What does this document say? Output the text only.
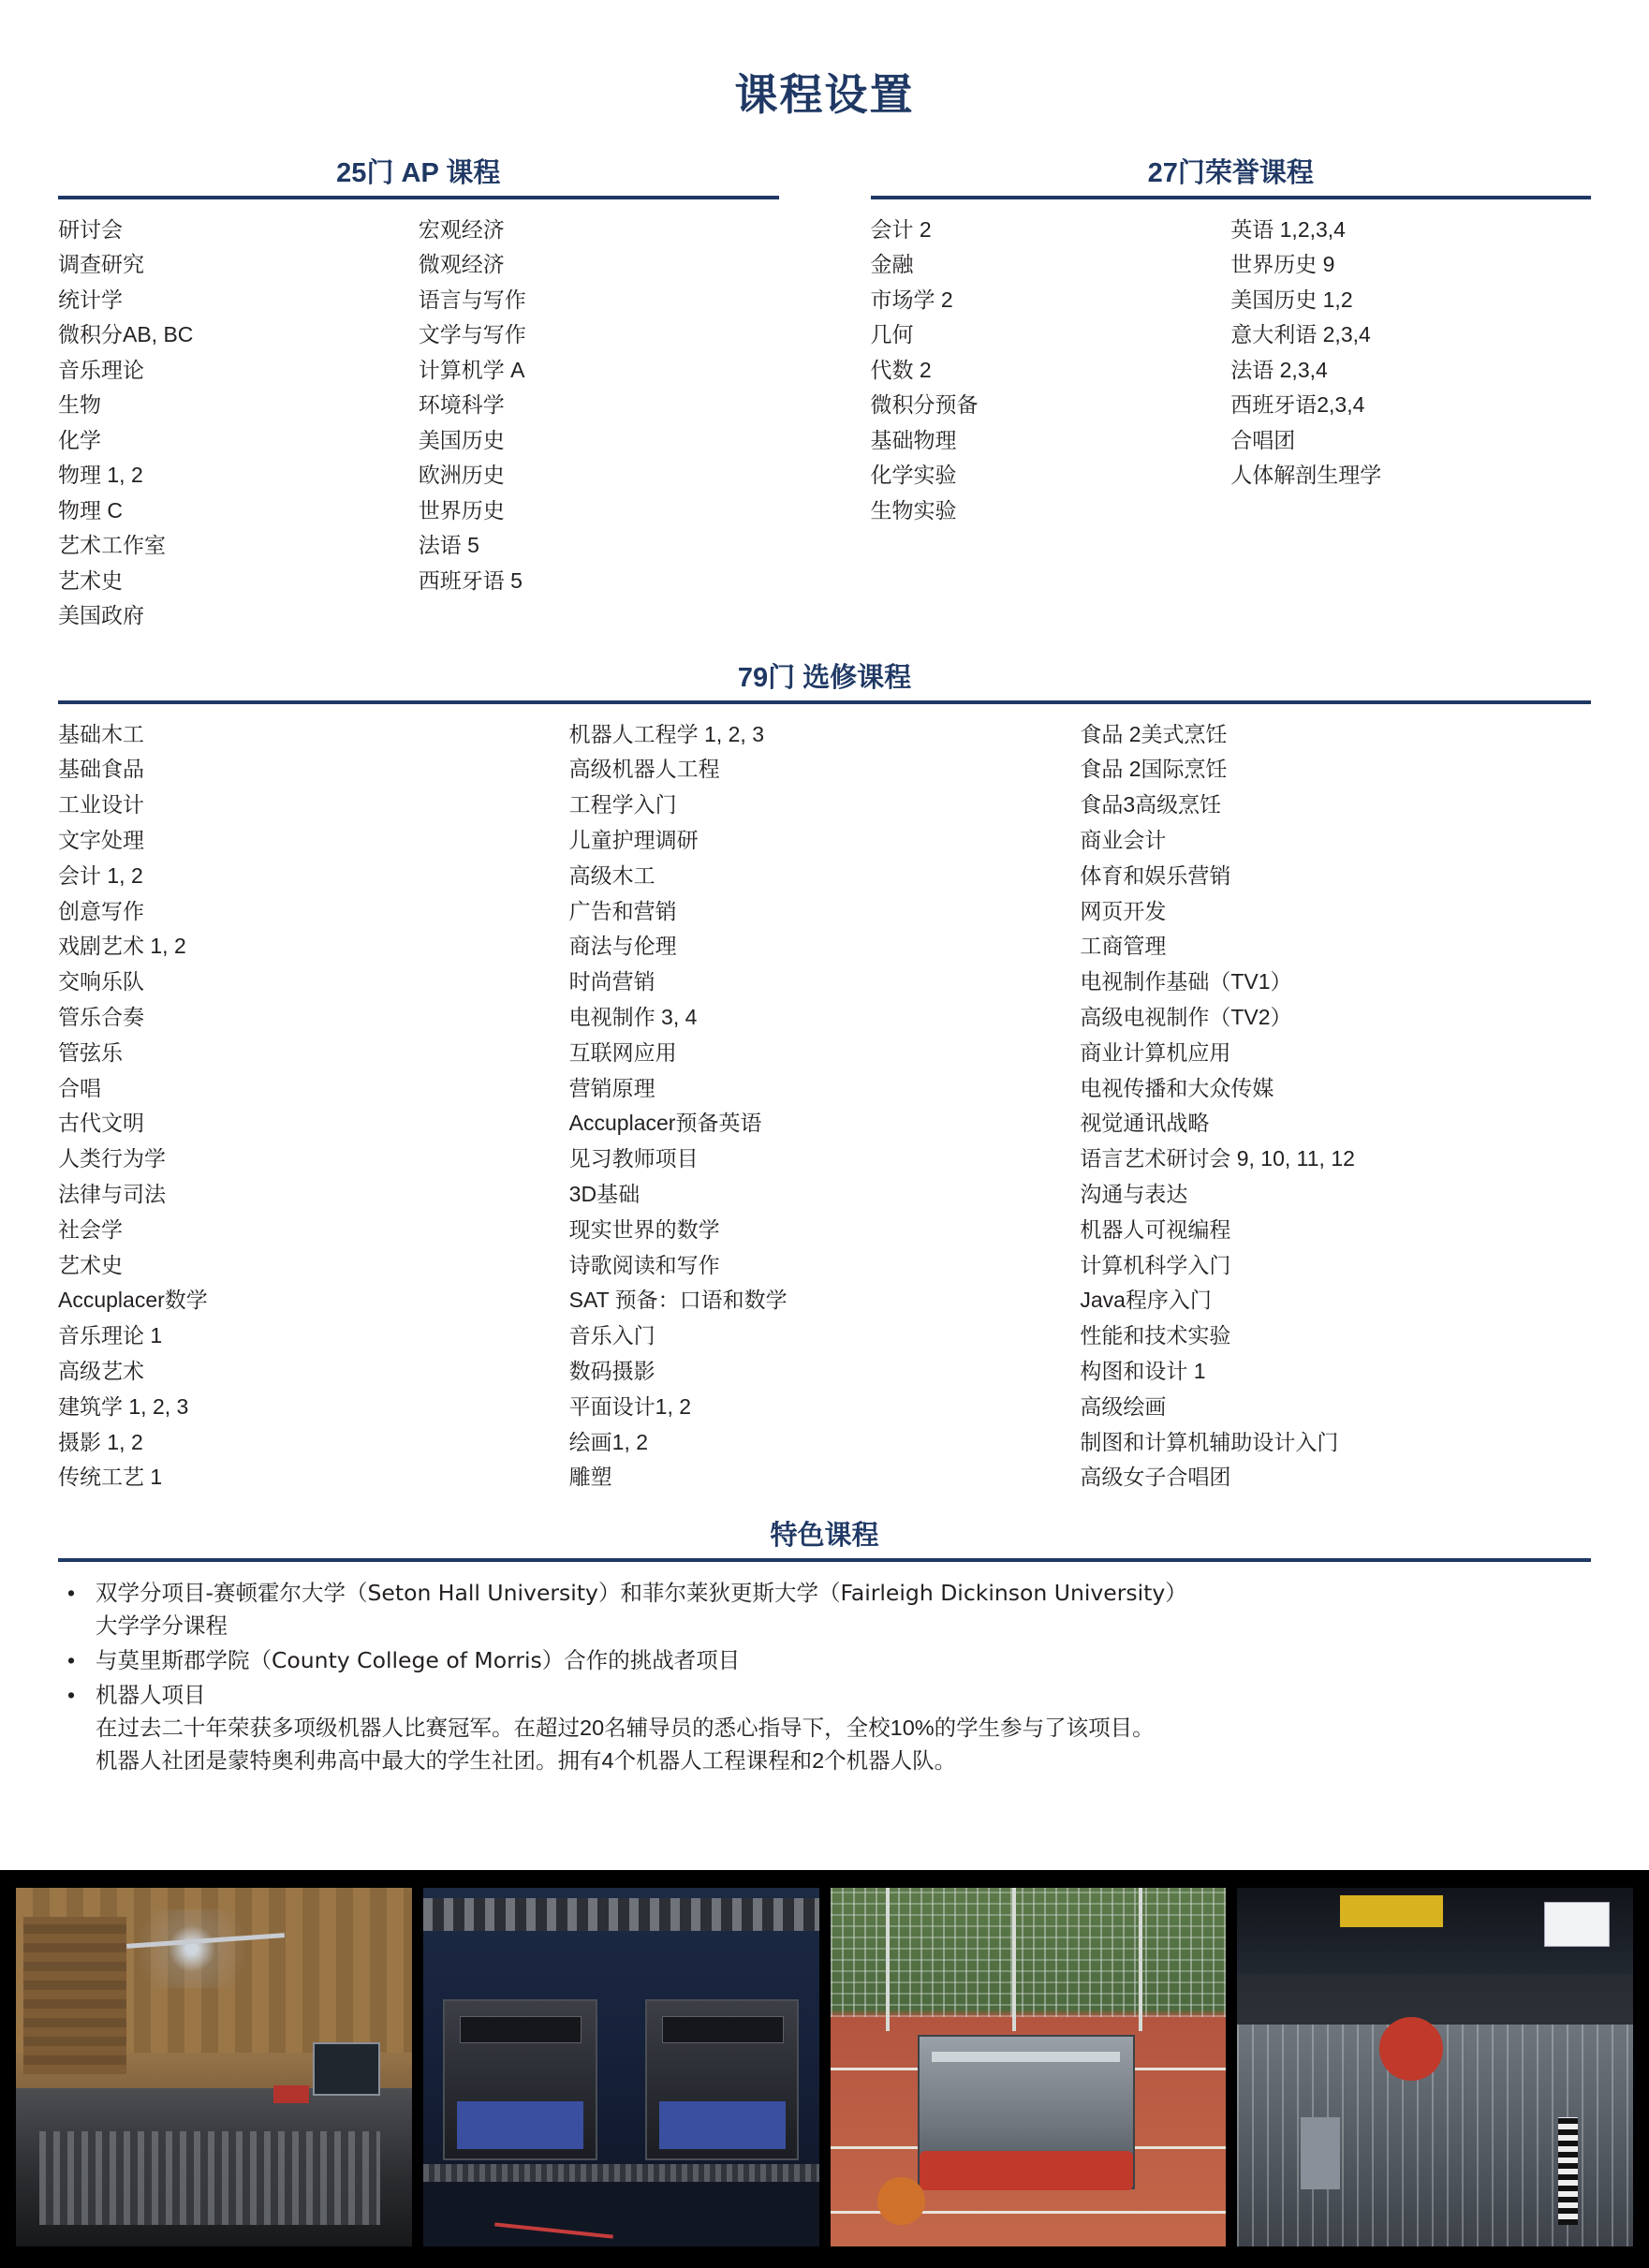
课程设置
25门 AP 课程
研讨会
调查研究
统计学
微积分AB, BC
音乐理论
生物
化学
物理 1, 2
物理 C
艺术工作室
艺术史
美国政府
宏观经济
微观经济
语言与写作
文学与写作
计算机学 A
环境科学
美国历史
欧洲历史
世界历史
法语 5
西班牙语 5
27门荣誉课程
会计 2
金融
市场学 2
几何
代数 2
微积分预备
基础物理
化学实验
生物实验
英语 1,2,3,4
世界历史 9
美国历史 1,2
意大利语 2,3,4
法语 2,3,4
西班牙语2,3,4
合唱团
人体解剖生理学
79门 选修课程
基础木工
基础食品
工业设计
文字处理
会计 1, 2
创意写作
戏剧艺术 1, 2
交响乐队
管乐合奏
管弦乐
合唱
古代文明
人类行为学
法律与司法
社会学
艺术史
Accuplacer数学
音乐理论 1
高级艺术
建筑学 1, 2, 3
摄影 1, 2
传统工艺 1
机器人工程学 1, 2, 3
高级机器人工程
工程学入门
儿童护理调研
高级木工
广告和营销
商法与伦理
时尚营销
电视制作 3, 4
互联网应用
营销原理
Accuplacer预备英语
见习教师项目
3D基础
现实世界的数学
诗歌阅读和写作
SAT 预备：口语和数学
音乐入门
数码摄影
平面设计1, 2
绘画1, 2
雕塑
食品 2美式烹饪
食品 2国际烹饪
食品3高级烹饪
商业会计
体育和娱乐营销
网页开发
工商管理
电视制作基础（TV1）
高级电视制作（TV2）
商业计算机应用
电视传播和大众传媒
视觉通讯战略
语言艺术研讨会 9, 10, 11, 12
沟通与表达
机器人可视编程
计算机科学入门
Java程序入门
性能和技术实验
构图和设计 1
高级绘画
制图和计算机辅助设计入门
高级女子合唱团
特色课程
• 双学分项目-赛顿霍尔大学（Seton Hall University）和菲尔莱狄更斯大学（Fairleigh Dickinson University）
大学学分课程
• 与莫里斯郡学院（County College of Morris）合作的挑战者项目
• 机器人项目
在过去二十年荣获多项级机器人比赛冠军。在超过20名辅导员的悉心指导下，全校10%的学生参与了该项目。
机器人社团是蒙特奥利弗高中最大的学生社团。拥有4个机器人工程课程和2个机器人队。
